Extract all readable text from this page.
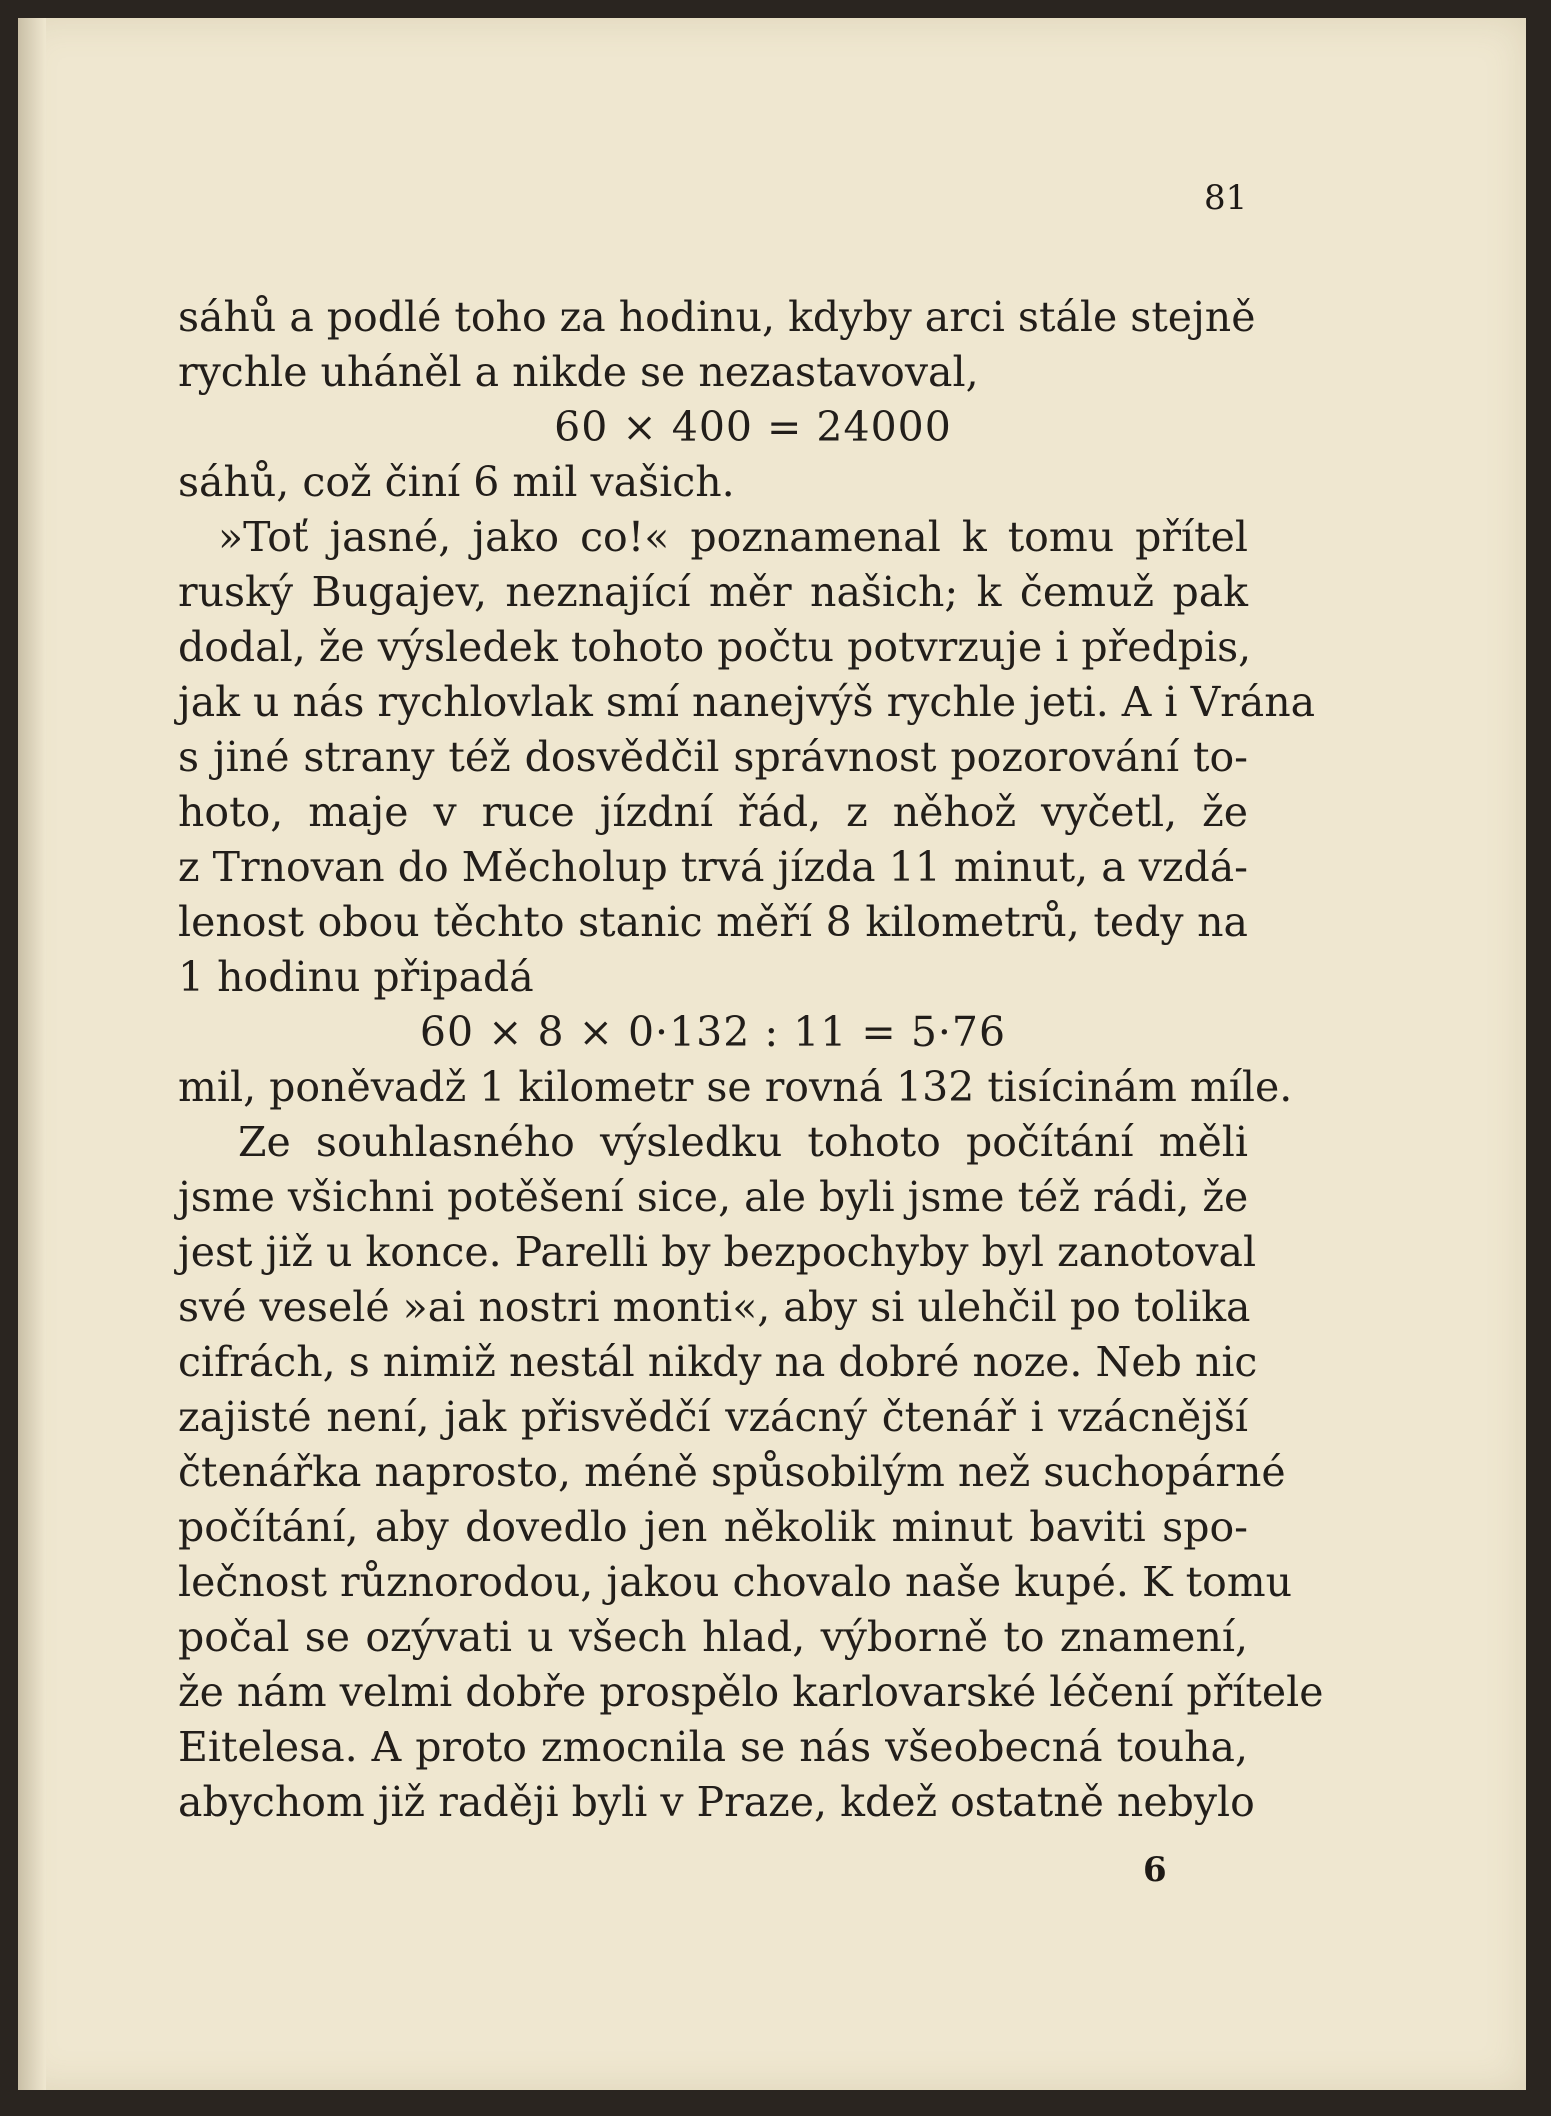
81
sáhů a podlé toho za hodinu, kdyby arci stále stejně
rychle uháněl a nikde se nezastavoval,
60 × 400 = 24000
sáhů, což činí 6 mil vašich.
»Toť jasné, jako co!« poznamenal k tomu přítel
ruský Bugajev, neznající měr našich; k čemuž pak
dodal, že výsledek tohoto počtu potvrzuje i předpis,
jak u nás rychlovlak smí nanejvýš rychle jeti. A i Vrána
s jiné strany též dosvědčil správnost pozorování to-
hoto, maje v ruce jízdní řád, z něhož vyčetl, že
z Trnovan do Měcholup trvá jízda 11 minut, a vzdá-
lenost obou těchto stanic měří 8 kilometrů, tedy na
1 hodinu připadá
60 × 8 × 0·132 : 11 = 5·76
mil, poněvadž 1 kilometr se rovná 132 tisícinám míle.
Ze souhlasného výsledku tohoto počítání měli
jsme všichni potěšení sice, ale byli jsme též rádi, že
jest již u konce. Parelli by bezpochyby byl zanotoval
své veselé »ai nostri monti«, aby si ulehčil po tolika
cifrách, s nimiž nestál nikdy na dobré noze. Neb nic
zajisté není, jak přisvědčí vzácný čtenář i vzácnější
čtenářka naprosto, méně spůsobilým než suchopárné
počítání, aby dovedlo jen několik minut baviti spo-
lečnost různorodou, jakou chovalo naše kupé. K tomu
počal se ozývati u všech hlad, výborně to znamení,
že nám velmi dobře prospělo karlovarské léčení přítele
Eitelesa. A proto zmocnila se nás všeobecná touha,
abychom již raději byli v Praze, kdež ostatně nebylo
6
